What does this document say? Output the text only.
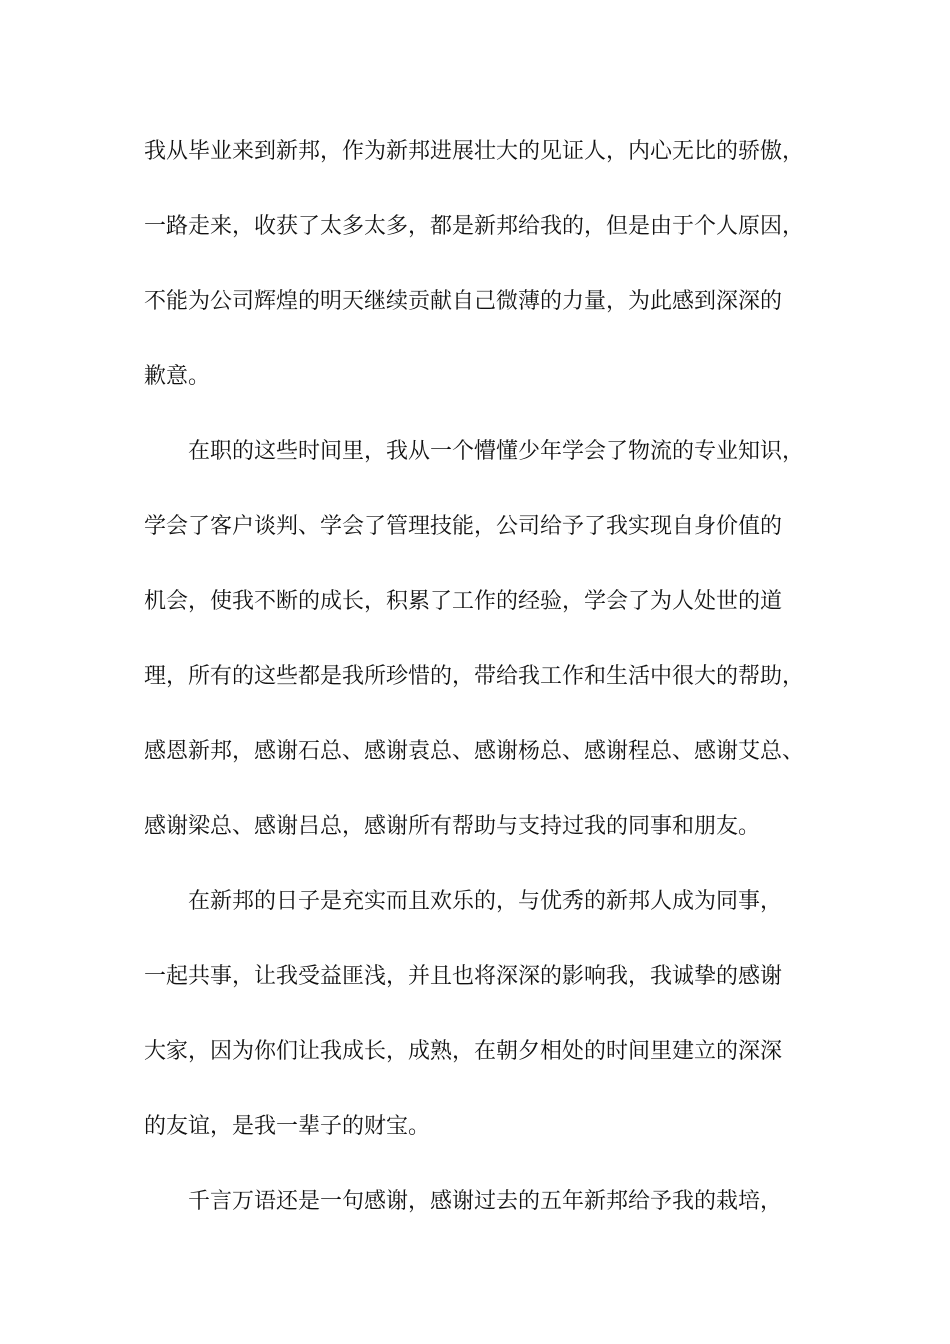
我从毕业来到新邦，作为新邦进展壮大的见证人，内心无比的骄傲，

一路走来，收获了太多太多，都是新邦给我的，但是由于个人原因，

不能为公司辉煌的明天继续贡献自己微薄的力量，为此感到深深的

歉意。

在职的这些时间里，我从一个懵懂少年学会了物流的专业知识，

学会了客户谈判、学会了管理技能，公司给予了我实现自身价值的

机会，使我不断的成长，积累了工作的经验，学会了为人处世的道

理，所有的这些都是我所珍惜的，带给我工作和生活中很大的帮助，

感恩新邦，感谢石总、感谢袁总、感谢杨总、感谢程总、感谢艾总、

感谢梁总、感谢吕总，感谢所有帮助与支持过我的同事和朋友。

在新邦的日子是充实而且欢乐的，与优秀的新邦人成为同事，

一起共事，让我受益匪浅，并且也将深深的影响我，我诚挚的感谢

大家，因为你们让我成长，成熟，在朝夕相处的时间里建立的深深

的友谊，是我一辈子的财宝。

千言万语还是一句感谢，感谢过去的五年新邦给予我的栽培，
